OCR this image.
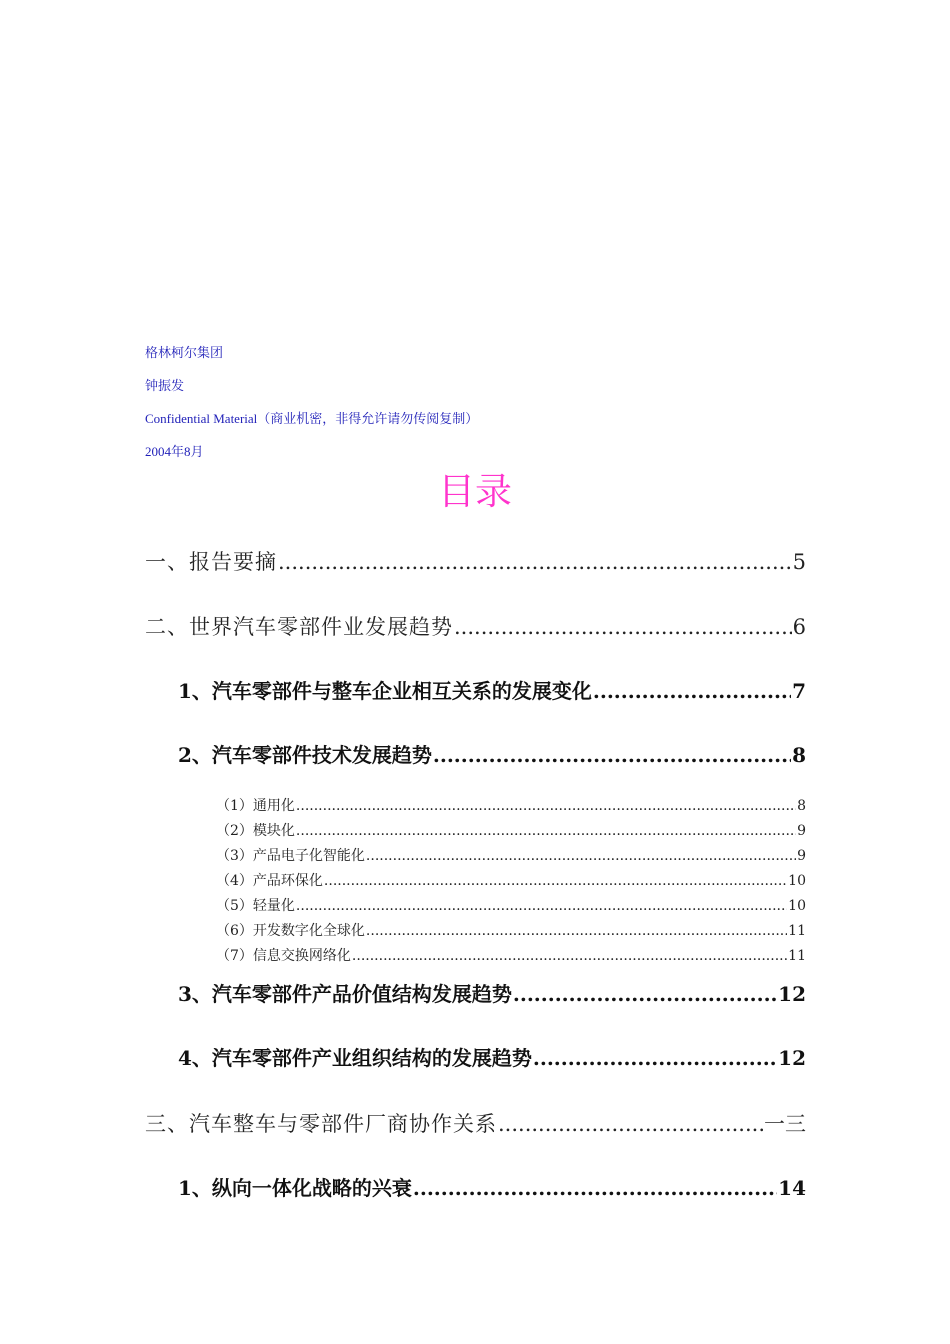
格林柯尔集团
钟振发
Confidential Material（商业机密，非得允许请勿传阅复制）
2004年8月
目录
一、报告要摘 .....	5
二、世界汽车零部件业发展趋势 .....	6
1、汽车零部件与整车企业相互关系的发展变化 .....	7
2、汽车零部件技术发展趋势 .....	8
（1）通用化 .....	8
（2）模块化 .....	9
（3）产品电子化智能化 .....	9
（4）产品环保化 .....	10
（5）轻量化 .....	10
（6）开发数字化全球化 .....	11
（7）信息交换网络化 .....	11
3、汽车零部件产品价值结构发展趋势 .....	12
4、汽车零部件产业组织结构的发展趋势 .....	12
三、汽车整车与零部件厂商协作关系 .....	一三
1、纵向一体化战略的兴衰 .....	14
